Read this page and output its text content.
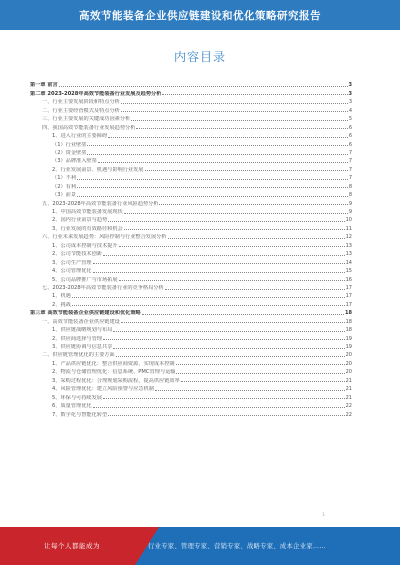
高效节能装备企业供应链建设和优化策略研究报告
内容目录
第一章 前言	3
第二章 2023-2028年高效节能装备行业发展及趋势分析	3
一、行业主要发展阶段和特点分析	3
二、行业主要经营模式及特点分析	4
三、行业主要发展的关键成功因素分析	5
四、我国高效节能装备行业发展趋势分析	6
1、进入行业的主要障碍	6
（1）行业壁垒	6
（2）资金壁垒	7
（3）品牌准入壁垒	7
2、行业发展前景、机遇与影响行业发展	7
（1）不利	7
（2）有利	8
（3）前景	8
五、2023-2028年高效节能装备行业风险趋势分析	9
1、中国高效节能装备发展现状	9
2、国内行业前景与趋势	10
3、行业发展的有效路径和机会	11
六、行业未来发展趋势：风险控制与行业整合发展分析	12
1、公司成本控制与技术提升	13
2、公司节能技术创新	13
3、公司生产管理	14
4、公司管理优化	15
5、公司品牌推广与市场拓展	16
七、2023-2028年高效节能装备行业的竞争格局分析	17
1、机遇	17
2、挑战	17
第三章 高效节能装备企业供应链建设和优化策略	18
一、高效节能装备企业供应链建设	18
1、供应链战略规划与布局	18
2、供应商选择与管理	19
3、供应链协调与信息共享	19
二、供应链管理优化的主要方面	20
1、产品供应链优化：整合供应商资源，实现成本控制	20
2、物流与仓储管理优化：信息系统、PMC管理与运输	20
3、采购过程优化：合理规划采购流程，提高供应链效率	21
4、风险管理优化：建立风险预警与应急机制	21
5、环保与可持续发展	21
6、质量管理优化	22
7、数字化与智能化转型	22
1
让每个人都能成为	行业专家、管理专家、营销专家、战略专家、成本企业家……
